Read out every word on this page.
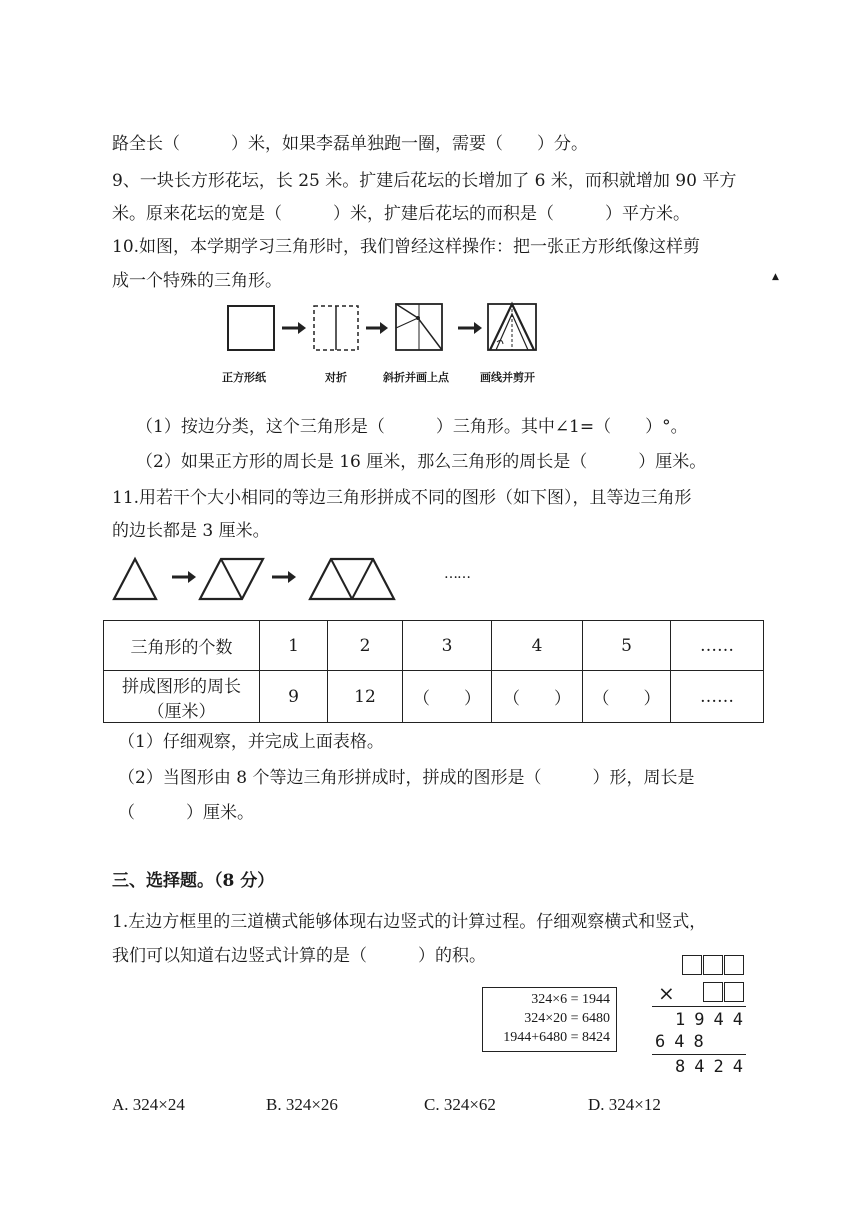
路全长（　　　）米，如果李磊单独跑一圈，需要（　　）分。
9、一块长方形花坛，长 25 米。扩建后花坛的长增加了 6 米，而积就增加 90 平方
米。原来花坛的宽是（　　　）米，扩建后花坛的而积是（　　　）平方米。
10.如图，本学期学习三角形时，我们曾经这样操作：把一张正方形纸像这样剪
成一个特殊的三角形。	▲
正方形纸	对折	斜折并画上点	画线并剪开
（1）按边分类，这个三角形是（　　　）三角形。其中∠1=（　　）°。
（2）如果正方形的周长是 16 厘米，那么三角形的周长是（　　　）厘米。
11.用若干个大小相同的等边三角形拼成不同的图形（如下图），且等边三角形
的边长都是 3 厘米。
……
三角形的个数	1	2	3	4	5	……

拼成图形的周长
（厘米）	9	12	（　　）	（　　）	（　　）	……
（1）仔细观察，并完成上面表格。
（2）当图形由 8 个等边三角形拼成时，拼成的图形是（　　　）形，周长是
（　　　）厘米。
三、选择题。（8 分）
1.左边方框里的三道横式能够体现右边竖式的计算过程。仔细观察横式和竖式，
我们可以知道右边竖式计算的是（　　　）的积。
324×6 = 1944
324×20 = 6480
1944+6480 = 8424
×
1944
648
8424
A. 324×24	B. 324×26	C. 324×62	D. 324×12
